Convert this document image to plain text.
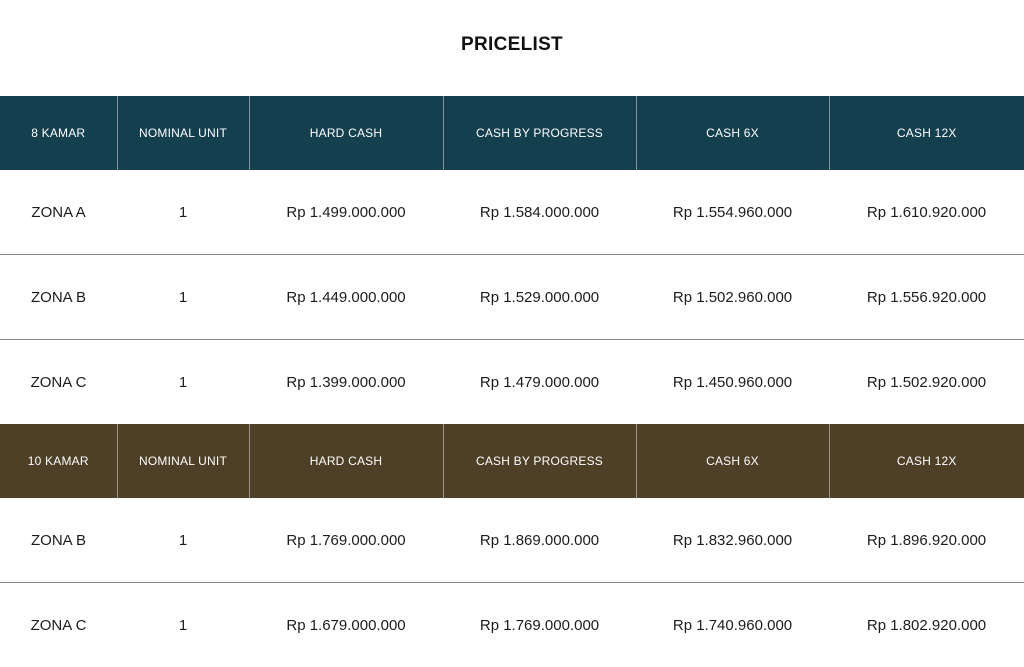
PRICELIST
8 KAMAR	NOMINAL UNIT	HARD CASH	CASH BY PROGRESS	CASH 6X	CASH 12X
ZONA A	1	Rp 1.499.000.000	Rp 1.584.000.000	Rp 1.554.960.000	Rp 1.610.920.000
ZONA B	1	Rp 1.449.000.000	Rp 1.529.000.000	Rp 1.502.960.000	Rp 1.556.920.000
ZONA C	1	Rp 1.399.000.000	Rp 1.479.000.000	Rp 1.450.960.000	Rp 1.502.920.000
10 KAMAR	NOMINAL UNIT	HARD CASH	CASH BY PROGRESS	CASH 6X	CASH 12X
ZONA B	1	Rp 1.769.000.000	Rp 1.869.000.000	Rp 1.832.960.000	Rp 1.896.920.000
ZONA C	1	Rp 1.679.000.000	Rp 1.769.000.000	Rp 1.740.960.000	Rp 1.802.920.000
